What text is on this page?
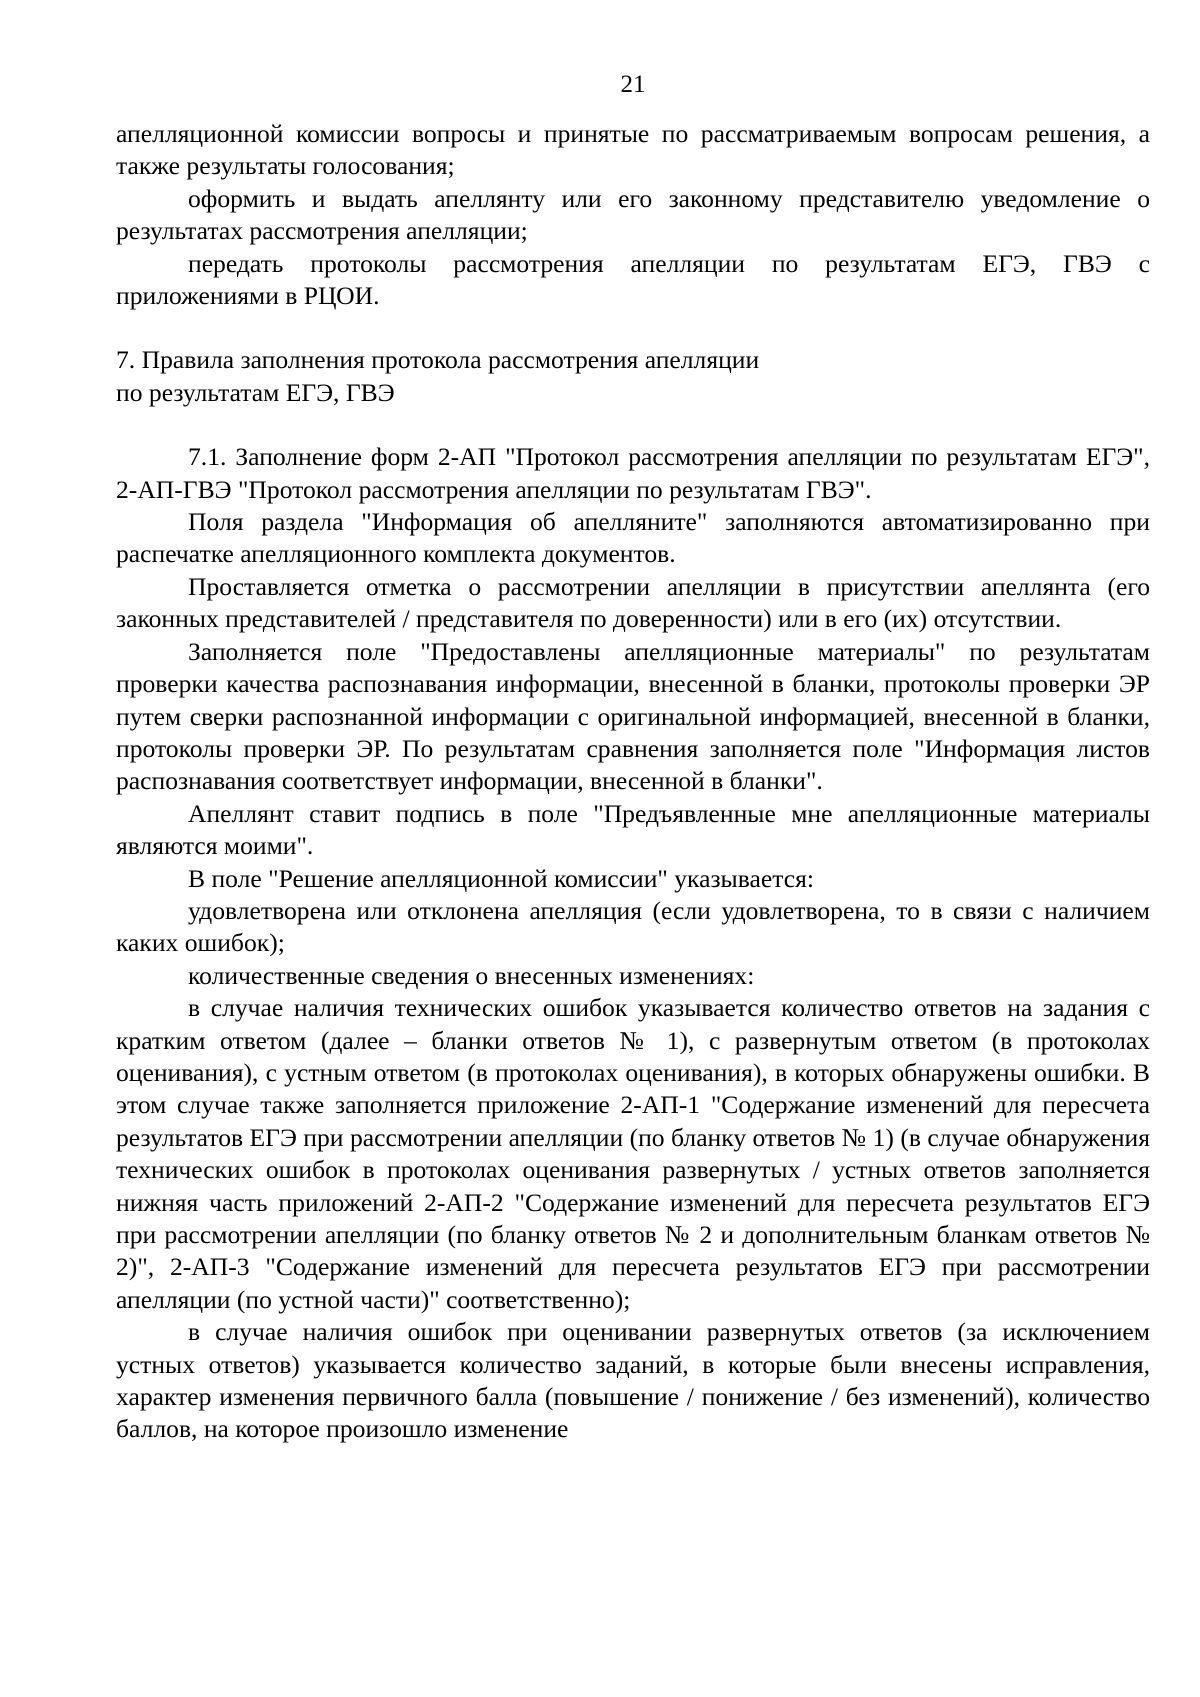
21

апелляционной комиссии вопросы и принятые по рассматриваемым вопросам решения, а также результаты голосования;

оформить и выдать апеллянту или его законному представителю уведомление о результатах рассмотрения апелляции;

передать протоколы рассмотрения апелляции по результатам ЕГЭ, ГВЭ с приложениями в РЦОИ.

7. Правила заполнения протокола рассмотрения апелляции

по результатам ЕГЭ, ГВЭ

7.1. Заполнение форм 2-АП "Протокол рассмотрения апелляции по результатам ЕГЭ", 2-АП-ГВЭ "Протокол рассмотрения апелляции по результатам ГВЭ".

Поля раздела "Информация об апелляните" заполняются автоматизированно при распечатке апелляционного комплекта документов.

Проставляется отметка о рассмотрении апелляции в присутствии апеллянта (его законных представителей / представителя по доверенности) или в его (их) отсутствии.

Заполняется поле "Предоставлены апелляционные материалы" по результатам проверки качества распознавания информации, внесенной в бланки, протоколы проверки ЭР путем сверки распознанной информации с оригинальной информацией, внесенной в бланки, протоколы проверки ЭР. По результатам сравнения заполняется поле "Информация листов распознавания соответствует информации, внесенной в бланки".

Апеллянт ставит подпись в поле "Предъявленные мне апелляционные материалы являются моими".

В поле "Решение апелляционной комиссии" указывается:

удовлетворена или отклонена апелляция (если удовлетворена, то в связи с наличием каких ошибок);

количественные сведения о внесенных изменениях:

в случае наличия технических ошибок указывается количество ответов на задания с кратким ответом (далее – бланки ответов № 1), с развернутым ответом (в протоколах оценивания), с устным ответом (в протоколах оценивания), в которых обнаружены ошибки. В этом случае также заполняется приложение 2-АП-1 "Содержание изменений для пересчета результатов ЕГЭ при рассмотрении апелляции (по бланку ответов № 1) (в случае обнаружения технических ошибок в протоколах оценивания развернутых / устных ответов заполняется нижняя часть приложений 2-АП-2 "Содержание изменений для пересчета результатов ЕГЭ при рассмотрении апелляции (по бланку ответов № 2 и дополнительным бланкам ответов № 2)", 2-АП-3 "Содержание изменений для пересчета результатов ЕГЭ при рассмотрении апелляции (по устной части)" соответственно);

в случае наличия ошибок при оценивании развернутых ответов (за исключением устных ответов) указывается количество заданий, в которые были внесены исправления, характер изменения первичного балла (повышение / понижение / без изменений), количество баллов, на которое произошло изменение
